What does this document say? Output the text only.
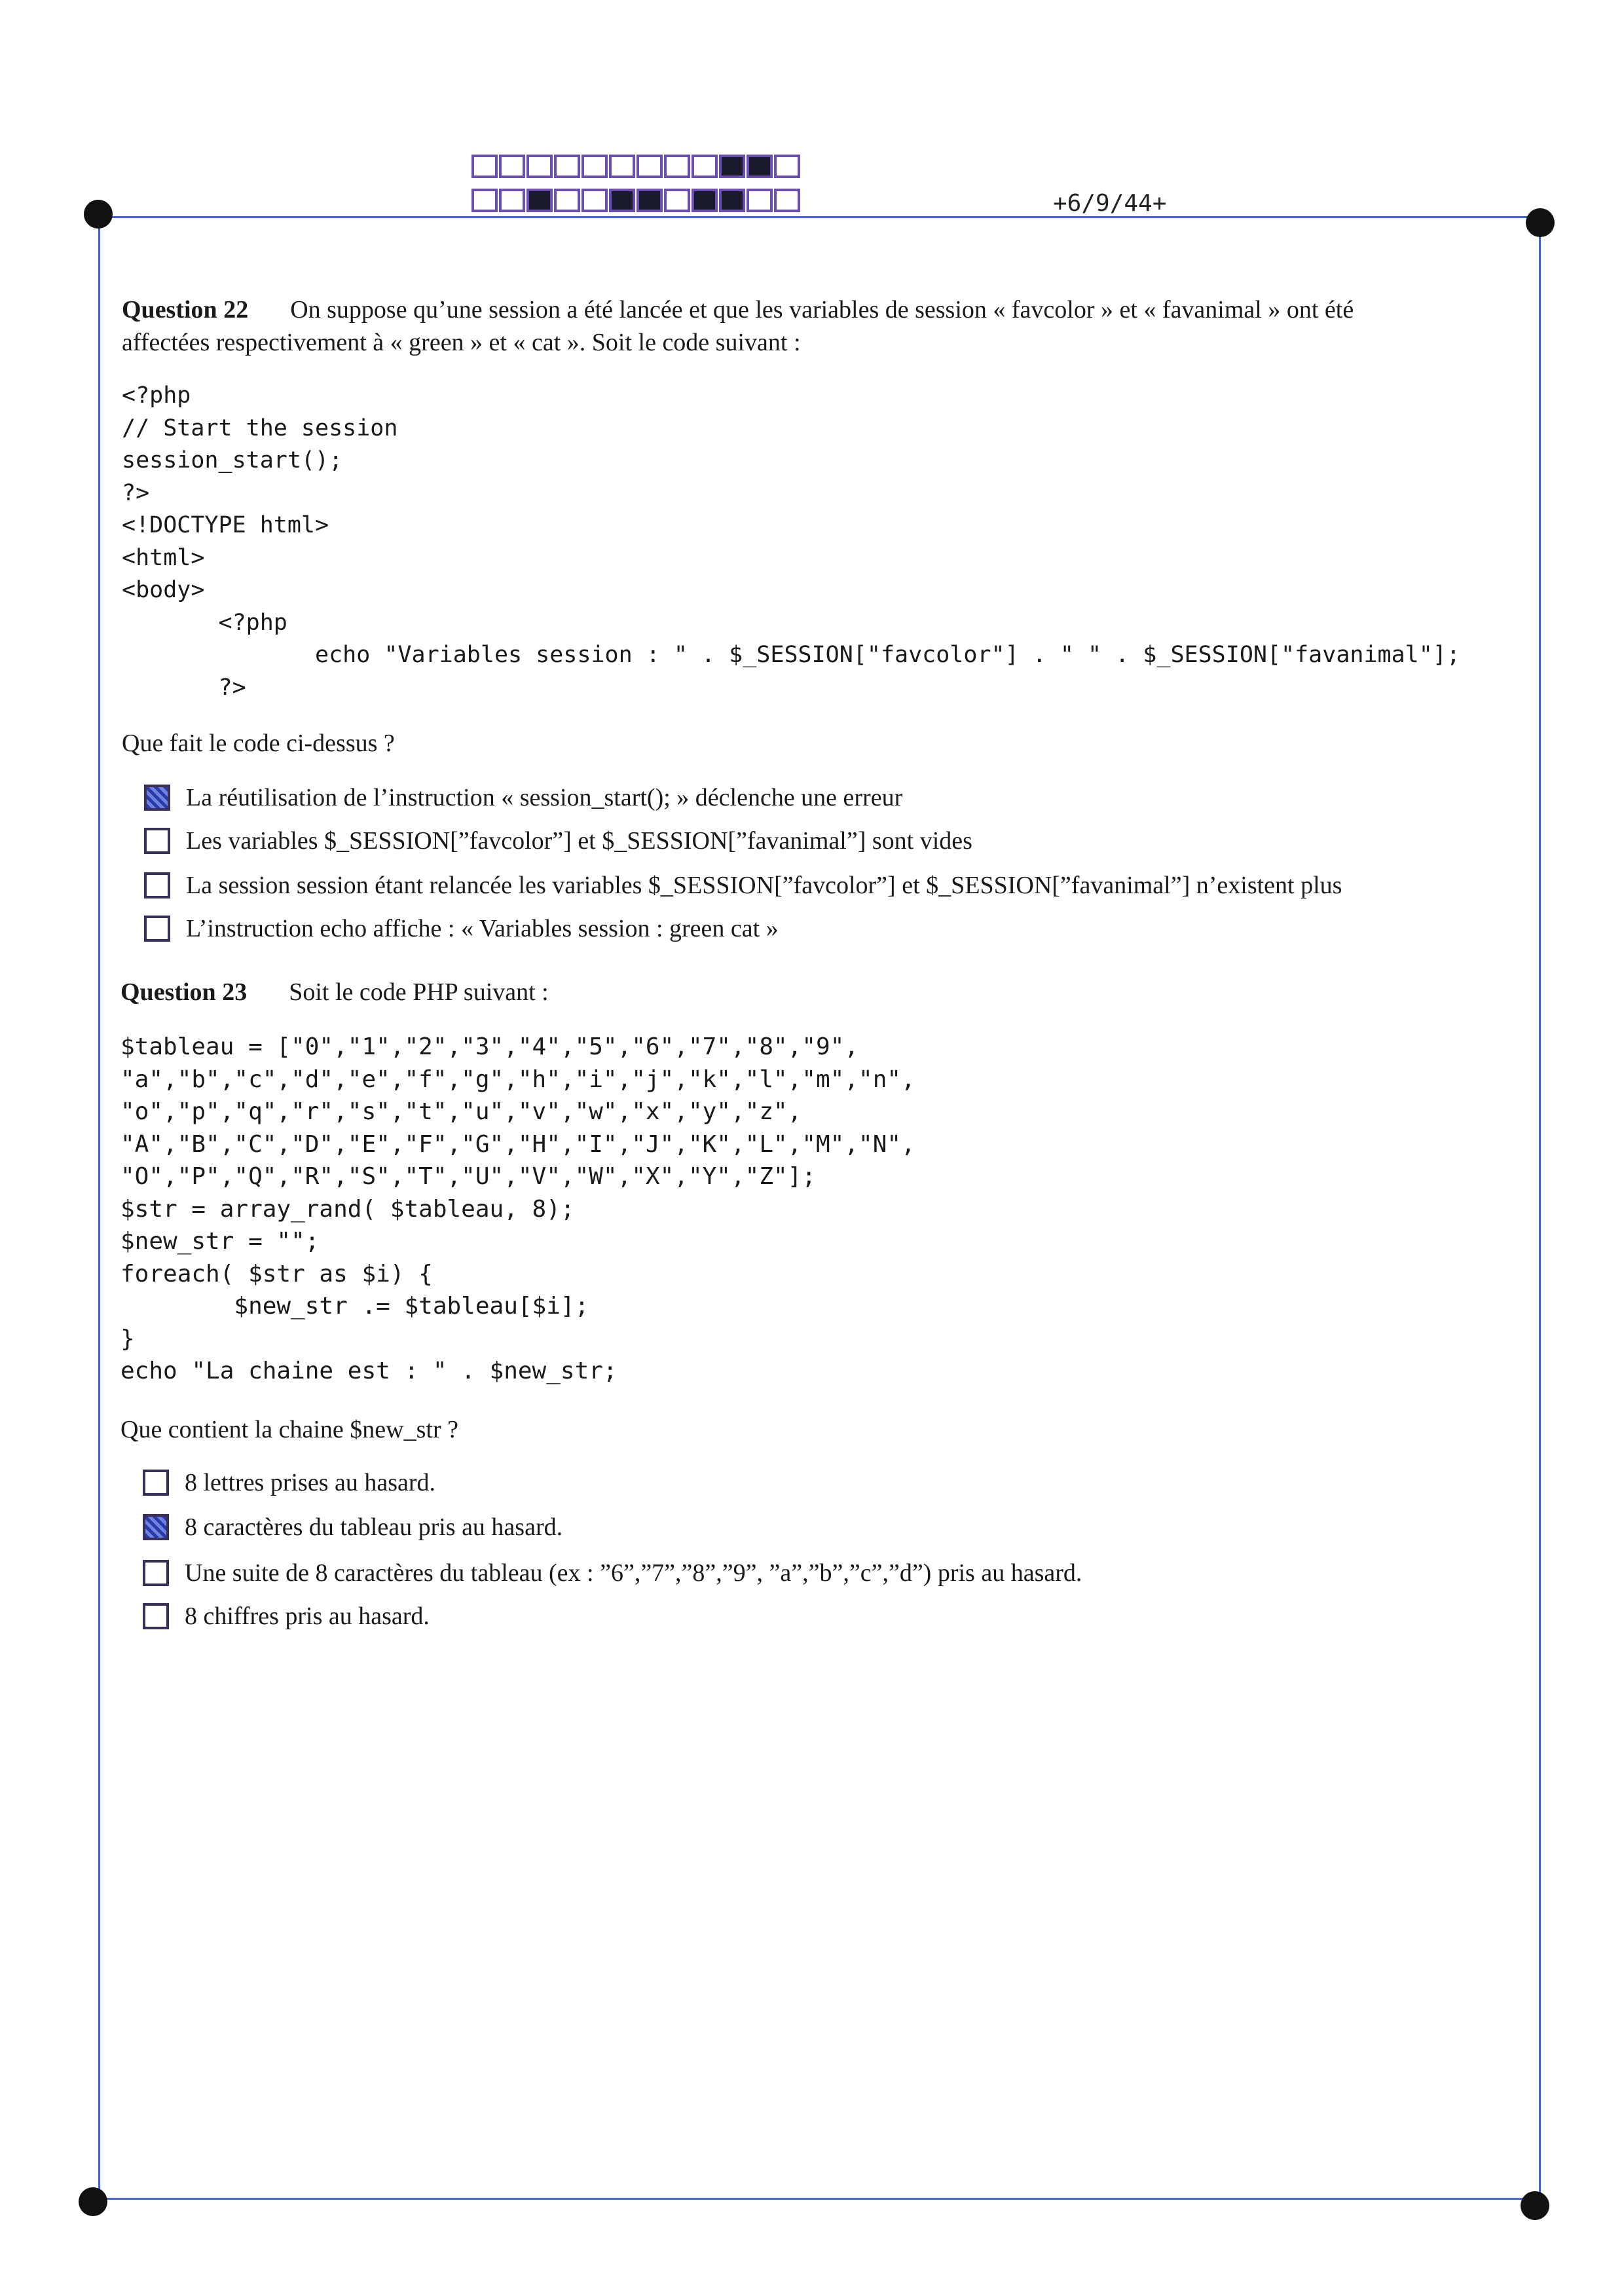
+6/9/44+
Question 22 On suppose qu’une session a été lancée et que les variables de session « favcolor » et « favanimal » ont été
affectées respectivement à « green » et « cat ». Soit le code suivant :
<?php
// Start the session
session_start();
?>
<!DOCTYPE html>
<html>
<body>
<?php
echo "Variables session : " . $_SESSION["favcolor"] . " " . $_SESSION["favanimal"];
?>
Que fait le code ci-dessus ?
La réutilisation de l’instruction « session_start(); » déclenche une erreur
Les variables $_SESSION[”favcolor”] et $_SESSION[”favanimal”] sont vides
La session session étant relancée les variables $_SESSION[”favcolor”] et $_SESSION[”favanimal”] n’existent plus
L’instruction echo affiche : « Variables session : green cat »
Question 23 Soit le code PHP suivant :
$tableau = ["0","1","2","3","4","5","6","7","8","9",
"a","b","c","d","e","f","g","h","i","j","k","l","m","n",
"o","p","q","r","s","t","u","v","w","x","y","z",
"A","B","C","D","E","F","G","H","I","J","K","L","M","N",
"O","P","Q","R","S","T","U","V","W","X","Y","Z"];
$str = array_rand( $tableau, 8);
$new_str = "";
foreach( $str as $i) {
$new_str .= $tableau[$i];
}
echo "La chaine est : " . $new_str;
Que contient la chaine $new_str ?
8 lettres prises au hasard.
8 caractères du tableau pris au hasard.
Une suite de 8 caractères du tableau (ex : ”6”,”7”,”8”,”9”, ”a”,”b”,”c”,”d”) pris au hasard.
8 chiffres pris au hasard.
